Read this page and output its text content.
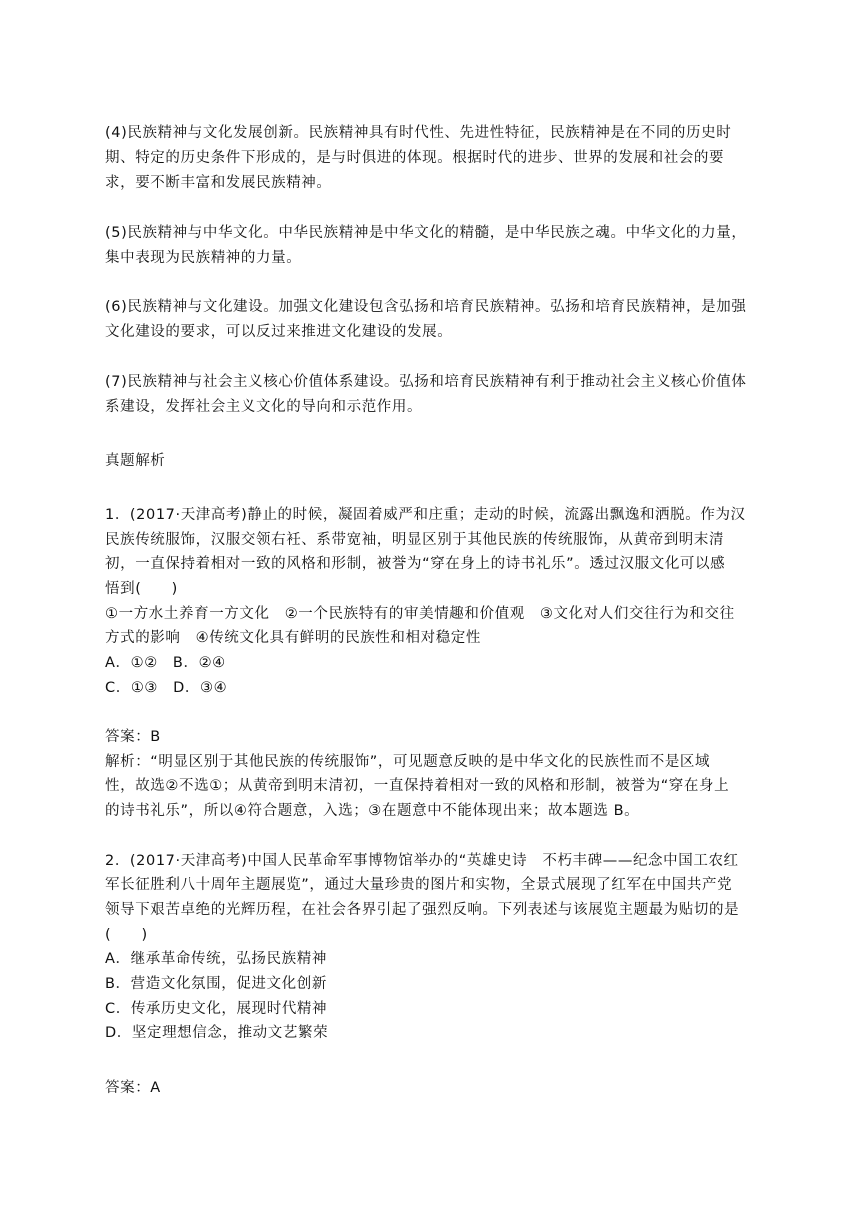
(4)民族精神与文化发展创新。民族精神具有时代性、先进性特征，民族精神是在不同的历史时
期、特定的历史条件下形成的，是与时俱进的体现。根据时代的进步、世界的发展和社会的要
求，要不断丰富和发展民族精神。
(5)民族精神与中华文化。中华民族精神是中华文化的精髓，是中华民族之魂。中华文化的力量，
集中表现为民族精神的力量。
(6)民族精神与文化建设。加强文化建设包含弘扬和培育民族精神。弘扬和培育民族精神，是加强
文化建设的要求，可以反过来推进文化建设的发展。
(7)民族精神与社会主义核心价值体系建设。弘扬和培育民族精神有利于推动社会主义核心价值体
系建设，发挥社会主义文化的导向和示范作用。
真题解析
1．(2017·天津高考)静止的时候，凝固着威严和庄重；走动的时候，流露出飘逸和洒脱。作为汉
民族传统服饰，汉服交领右衽、系带宽袖，明显区别于其他民族的传统服饰，从黄帝到明末清
初，一直保持着相对一致的风格和形制，被誉为“穿在身上的诗书礼乐”。透过汉服文化可以感
悟到(　　)
①一方水土养育一方文化　②一个民族特有的审美情趣和价值观　③文化对人们交往行为和交往
方式的影响　④传统文化具有鲜明的民族性和相对稳定性
A．①②　B．②④
C．①③　D．③④
答案：B
解析：“明显区别于其他民族的传统服饰”，可见题意反映的是中华文化的民族性而不是区域
性，故选②不选①；从黄帝到明末清初，一直保持着相对一致的风格和形制，被誉为“穿在身上
的诗书礼乐”，所以④符合题意，入选；③在题意中不能体现出来；故本题选 B。
2．(2017·天津高考)中国人民革命军事博物馆举办的“英雄史诗　不朽丰碑——纪念中国工农红
军长征胜利八十周年主题展览”，通过大量珍贵的图片和实物，全景式展现了红军在中国共产党
领导下艰苦卓绝的光辉历程，在社会各界引起了强烈反响。下列表述与该展览主题最为贴切的是
(　　)
A．继承革命传统，弘扬民族精神
B．营造文化氛围，促进文化创新
C．传承历史文化，展现时代精神
D．坚定理想信念，推动文艺繁荣
答案：A
